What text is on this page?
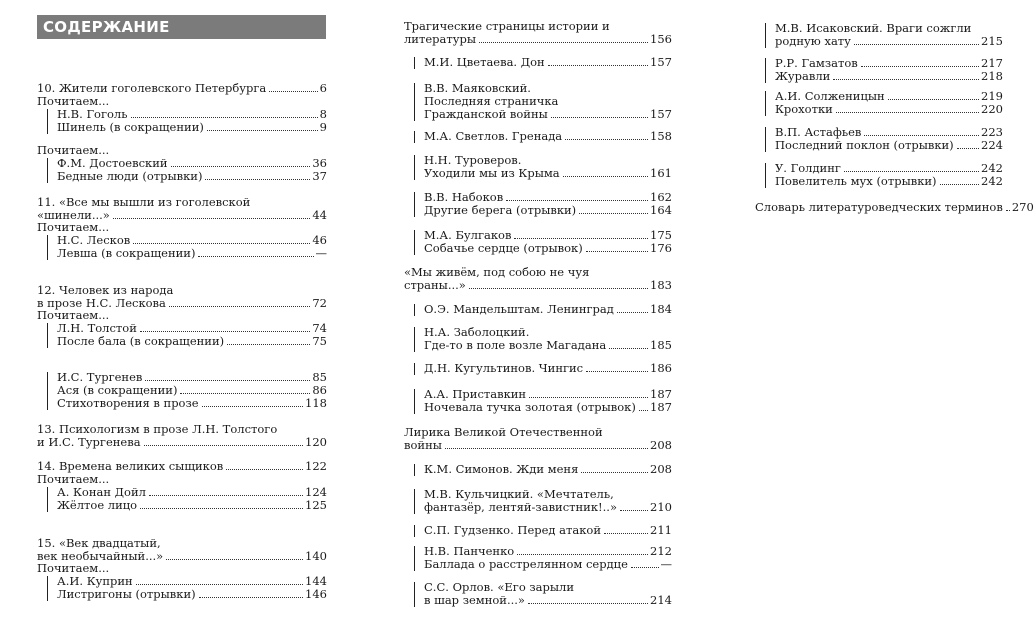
СОДЕРЖАНИЕ
10. Жители гоголевского Петербурга	6
Н.В. Гоголь	8
Шинель (в сокращении)	9
Почитаем...
Ф.М. Достоевский	36
Бедные люди (отрывки)	37
Почитаем...
11. «Все мы вышли из гоголевской
«шинели...»	44
Н.С. Лесков	46
Левша (в сокращении)	—
Почитаем...
12. Человек из народа
в прозе Н.С. Лескова	72
Л.Н. Толстой	74
После бала (в сокращении)	75
Почитаем...
И.С. Тургенев	85
Ася (в сокращении)	86
Стихотворения в прозе	118
13. Психологизм в прозе Л.Н. Толстого
и И.С. Тургенева	120
14. Времена великих сыщиков	122
А. Конан Дойл	124
Жёлтое лицо	125
Почитаем...
15. «Век двадцатый,
век необычайный...»	140
А.И. Куприн	144
Листригоны (отрывки)	146
Почитаем...
Трагические страницы истории и
литературы	156
М.И. Цветаева. Дон	157
В.В. Маяковский.
Последняя страничка
Гражданской войны	157
М.А. Светлов. Гренада	158
Н.Н. Туроверов.
Уходили мы из Крыма	161
В.В. Набоков	162
Другие берега (отрывки)	164
М.А. Булгаков	175
Собачье сердце (отрывок)	176
«Мы живём, под собою не чуя
страны...»	183
О.Э. Мандельштам. Ленинград	184
Н.А. Заболоцкий.
Где-то в поле возле Магадана	185
Д.Н. Кугультинов. Чингис	186
А.А. Приставкин	187
Ночевала тучка золотая (отрывок) 187
Лирика Великой Отечественной
войны	208
К.М. Симонов. Жди меня	208
М.В. Кульчицкий. «Мечтатель,
фантазёр, лентяй-завистник!..»	210
С.П. Гудзенко. Перед атакой	211
Н.В. Панченко	212
Баллада о расстрелянном сердце	—
С.С. Орлов. «Его зарыли
в шар земной...»	214
М.В. Исаковский. Враги сожгли
родную хату	215
Р.Р. Гамзатов	217
Журавли	218
А.И. Солженицын	219
Крохотки	220
В.П. Астафьев	223
Последний поклон (отрывки) 224
У. Голдинг	242
Повелитель мух (отрывки)	242
Словарь литературоведческих терминов 270
